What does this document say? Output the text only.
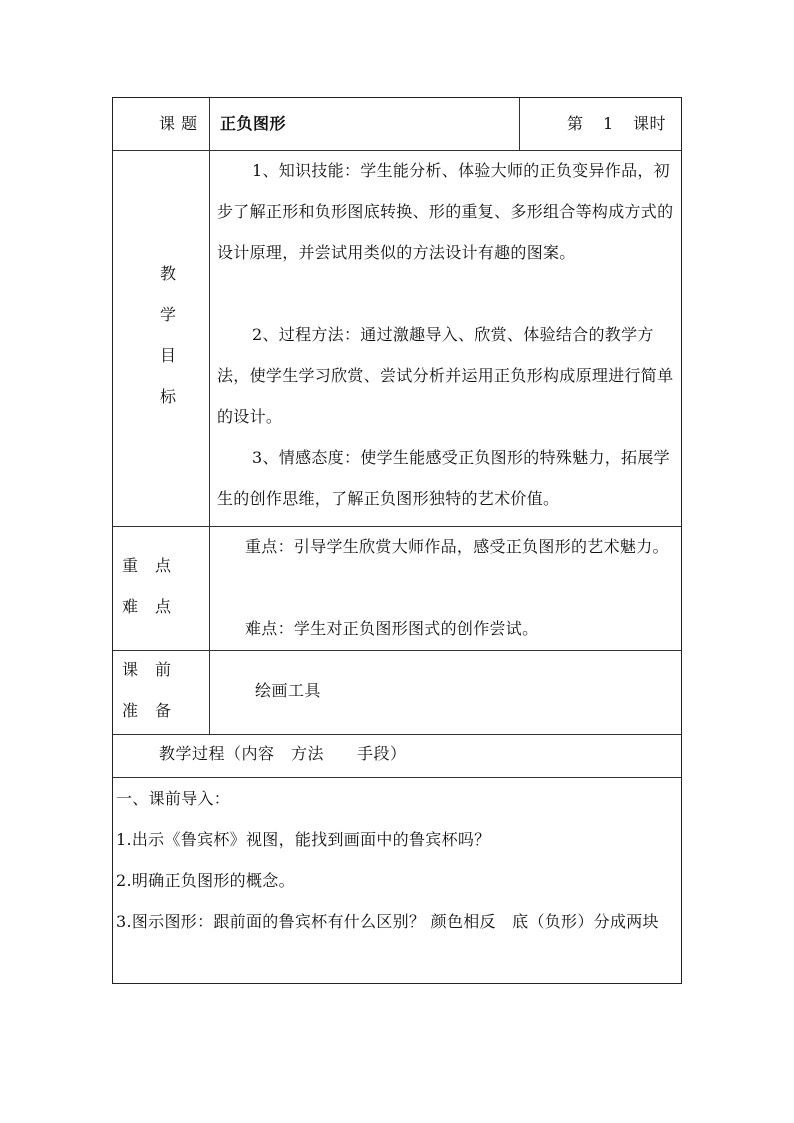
课 题 正负图形	第 1 课时
教
学
目
标
1、知识技能：学生能分析、体验大师的正负变异作品，初步了解正形和负形图底转换、形的重复、多形组合等构成方式的设计原理，并尝试用类似的方法设计有趣的图案。
2、过程方法：通过激趣导入、欣赏、体验结合的教学方法，使学生学习欣赏、尝试分析并运用正负形构成原理进行简单的设计。
3、情感态度：使学生能感受正负图形的特殊魅力，拓展学生的创作思维，了解正负图形独特的艺术价值。
重　点
难　点
重点：引导学生欣赏大师作品，感受正负图形的艺术魅力。
难点：学生对正负图形图式的创作尝试。
课　前
准　备
绘画工具
教学过程（内容　方法　　手段）
一、课前导入：
1.出示《鲁宾杯》视图，能找到画面中的鲁宾杯吗？
2.明确正负图形的概念。
3.图示图形：跟前面的鲁宾杯有什么区别？ 颜色相反　底（负形）分成两块
